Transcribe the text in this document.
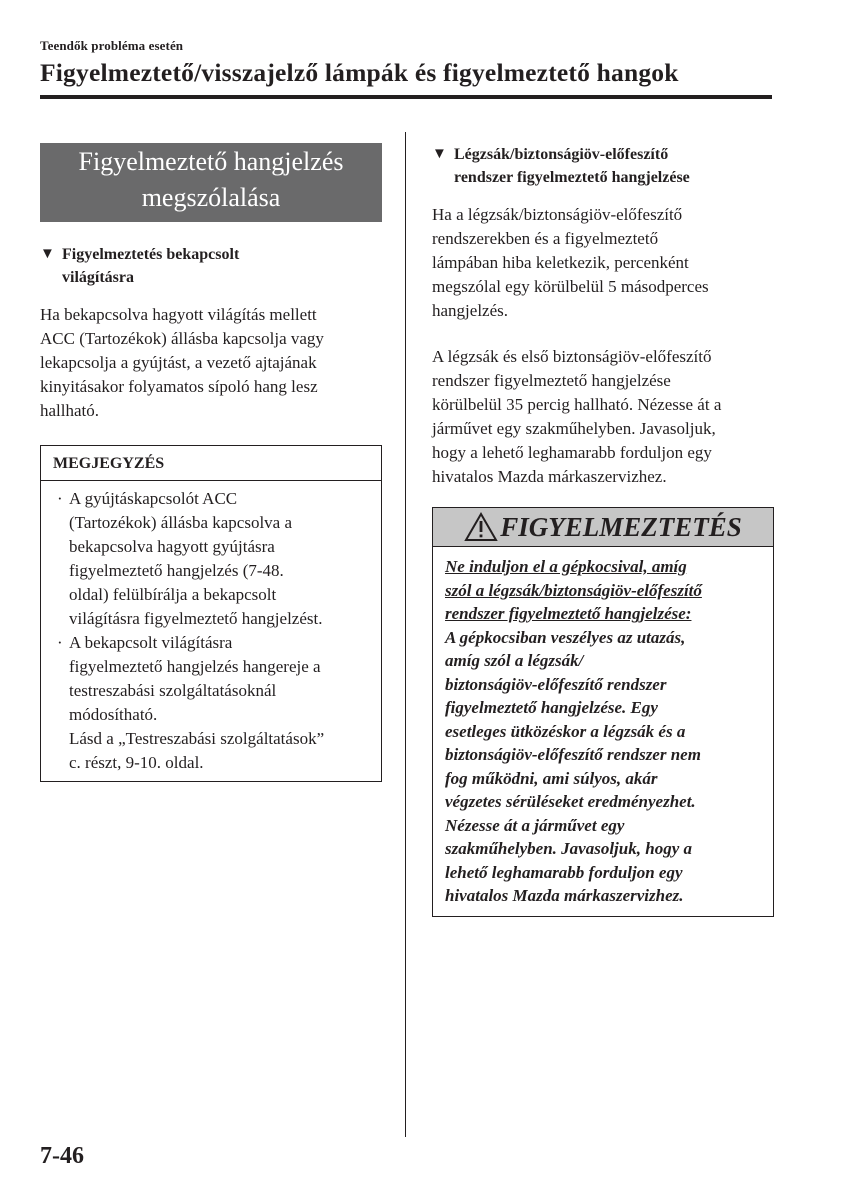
Teendők probléma esetén
Figyelmeztető/visszajelző lámpák és figyelmeztető hangok
Figyelmeztető hangjelzés
megszólalása
▼ Figyelmeztetés bekapcsolt
világításra
Ha bekapcsolva hagyott világítás mellett
ACC (Tartozékok) állásba kapcsolja vagy
lekapcsolja a gyújtást, a vezető ajtajának
kinyitásakor folyamatos sípoló hang lesz
hallható.
MEGJEGYZÉS
· A gyújtáskapcsolót ACC
(Tartozékok) állásba kapcsolva a
bekapcsolva hagyott gyújtásra
figyelmeztető hangjelzés (7-48.
oldal) felülbírálja a bekapcsolt
világításra figyelmeztető hangjelzést.
· A bekapcsolt világításra
figyelmeztető hangjelzés hangereje a
testreszabási szolgáltatásoknál
módosítható.
Lásd a „Testreszabási szolgáltatások”
c. részt, 9-10. oldal.
▼ Légzsák/biztonságiöv-előfeszítő
rendszer figyelmeztető hangjelzése
Ha a légzsák/biztonságiöv-előfeszítő
rendszerekben és a figyelmeztető
lámpában hiba keletkezik, percenként
megszólal egy körülbelül 5 másodperces
hangjelzés.
A légzsák és első biztonságiöv-előfeszítő
rendszer figyelmeztető hangjelzése
körülbelül 35 percig hallható. Nézesse át a
járművet egy szakműhelyben. Javasoljuk,
hogy a lehető leghamarabb forduljon egy
hivatalos Mazda márkaszervizhez.
FIGYELMEZTETÉS
Ne induljon el a gépkocsival, amíg
szól a légzsák/biztonságiöv-előfeszítő
rendszer figyelmeztető hangjelzése:
A gépkocsiban veszélyes az utazás,
amíg szól a légzsák/
biztonságiöv-előfeszítő rendszer
figyelmeztető hangjelzése. Egy
esetleges ütközéskor a légzsák és a
biztonságiöv-előfeszítő rendszer nem
fog működni, ami súlyos, akár
végzetes sérüléseket eredményezhet.
Nézesse át a járművet egy
szakműhelyben. Javasoljuk, hogy a
lehető leghamarabb forduljon egy
hivatalos Mazda márkaszervizhez.
7-46
